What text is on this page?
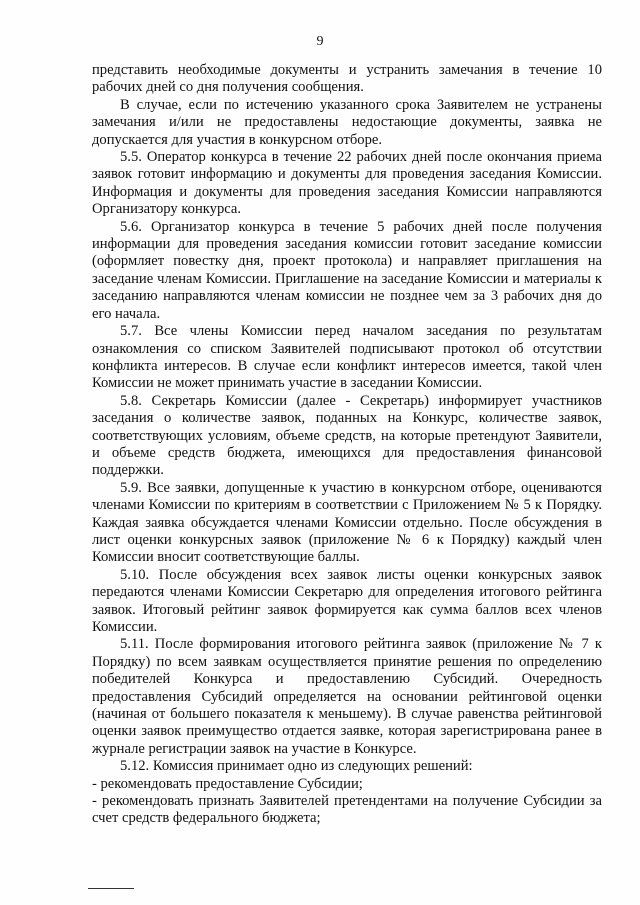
9

представить необходимые документы и устранить замечания в течение 10 рабочих дней со дня получения сообщения.

В случае, если по истечению указанного срока Заявителем не устранены замечания и/или не предоставлены недостающие документы, заявка не допускается для участия в конкурсном отборе.

5.5. Оператор конкурса в течение 22 рабочих дней после окончания приема заявок готовит информацию и документы для проведения заседания Комиссии. Информация и документы для проведения заседания Комиссии направляются Организатору конкурса.

5.6. Организатор конкурса в течение 5 рабочих дней после получения информации для проведения заседания комиссии готовит заседание комиссии (оформляет повестку дня, проект протокола) и направляет приглашения на заседание членам Комиссии. Приглашение на заседание Комиссии и материалы к заседанию направляются членам комиссии не позднее чем за 3 рабочих дня до его начала.

5.7. Все члены Комиссии перед началом заседания по результатам ознакомления со списком Заявителей подписывают протокол об отсутствии конфликта интересов. В случае если конфликт интересов имеется, такой член Комиссии не может принимать участие в заседании Комиссии.

5.8. Секретарь Комиссии (далее - Секретарь) информирует участников заседания о количестве заявок, поданных на Конкурс, количестве заявок, соответствующих условиям, объеме средств, на которые претендуют Заявители, и объеме средств бюджета, имеющихся для предоставления финансовой поддержки.

5.9. Все заявки, допущенные к участию в конкурсном отборе, оцениваются членами Комиссии по критериям в соответствии с Приложением № 5 к Порядку. Каждая заявка обсуждается членами Комиссии отдельно. После обсуждения в лист оценки конкурсных заявок (приложение № 6 к Порядку) каждый член Комиссии вносит соответствующие баллы.

5.10. После обсуждения всех заявок листы оценки конкурсных заявок передаются членами Комиссии Секретарю для определения итогового рейтинга заявок. Итоговый рейтинг заявок формируется как сумма баллов всех членов Комиссии.

5.11. После формирования итогового рейтинга заявок (приложение № 7 к Порядку) по всем заявкам осуществляется принятие решения по определению победителей Конкурса и предоставлению Субсидий. Очередность предоставления Субсидий определяется на основании рейтинговой оценки (начиная от большего показателя к меньшему). В случае равенства рейтинговой оценки заявок преимущество отдается заявке, которая зарегистрирована ранее в журнале регистрации заявок на участие в Конкурсе.

5.12. Комиссия принимает одно из следующих решений:

- рекомендовать предоставление Субсидии;

- рекомендовать признать Заявителей претендентами на получение Субсидии за счет средств федерального бюджета;
